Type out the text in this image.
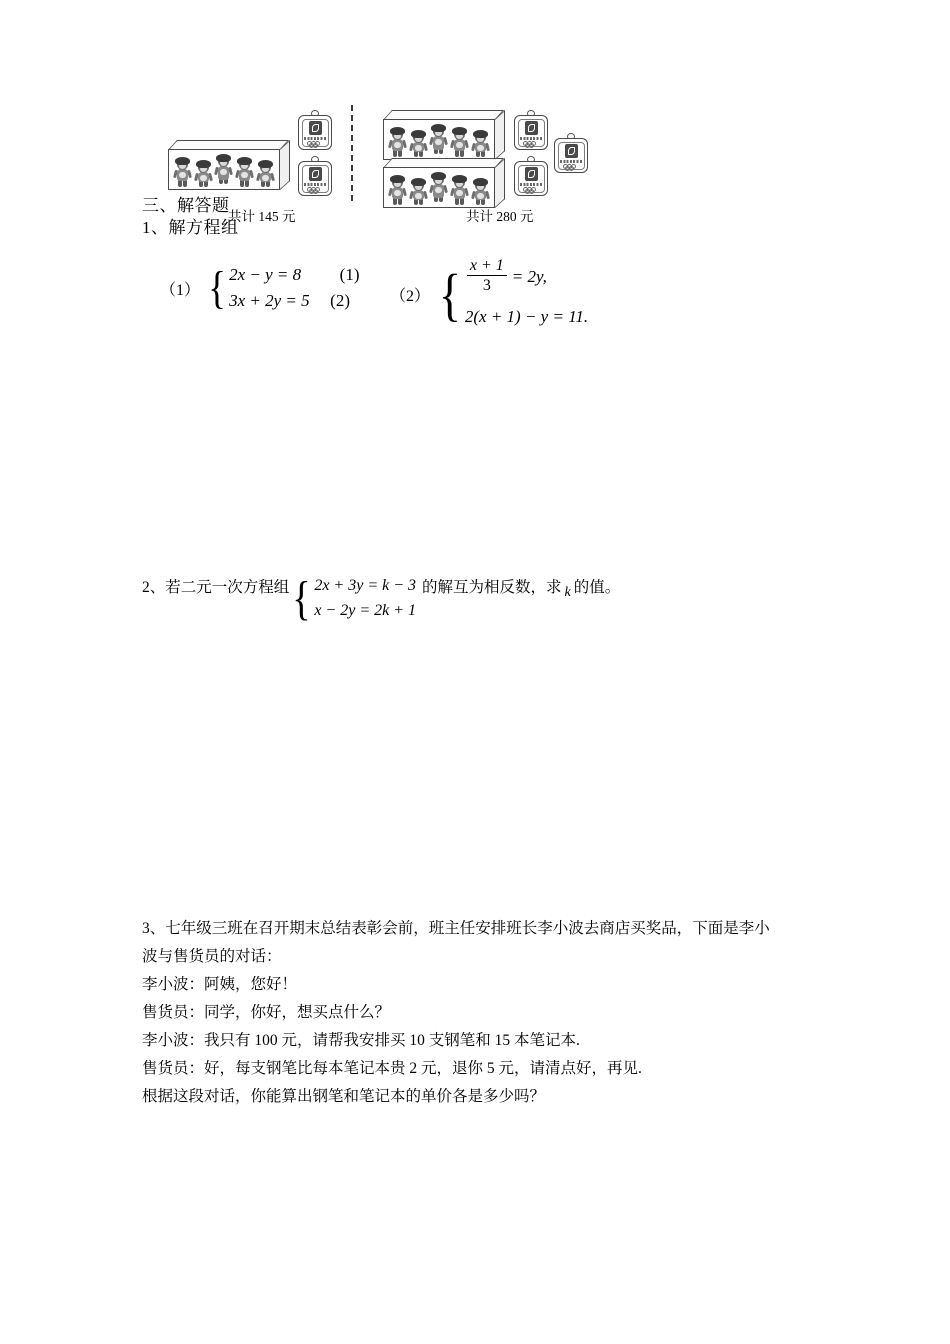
共计 145 元	共计 280 元
三、解答题
1、解方程组
（1） { 2x − y = 8 (1)
3x + 2y = 5 (2)	（2） { $\frac{x + 1}{3} = 2y$,
2(x + 1) − y = 11.
2、若二元一次方程组 { 2x + 3y = k − 3
x − 2y = 2k + 1
的解互为相反数，求 k 的值。
3、七年级三班在召开期末总结表彰会前，班主任安排班长李小波去商店买奖品，下面是李小
波与售货员的对话：
李小波：阿姨，您好！
售货员：同学，你好，想买点什么？
李小波：我只有 100 元，请帮我安排买 10 支钢笔和 15 本笔记本.
售货员：好，每支钢笔比每本笔记本贵 2 元，退你 5 元，请清点好，再见.
根据这段对话，你能算出钢笔和笔记本的单价各是多少吗？
